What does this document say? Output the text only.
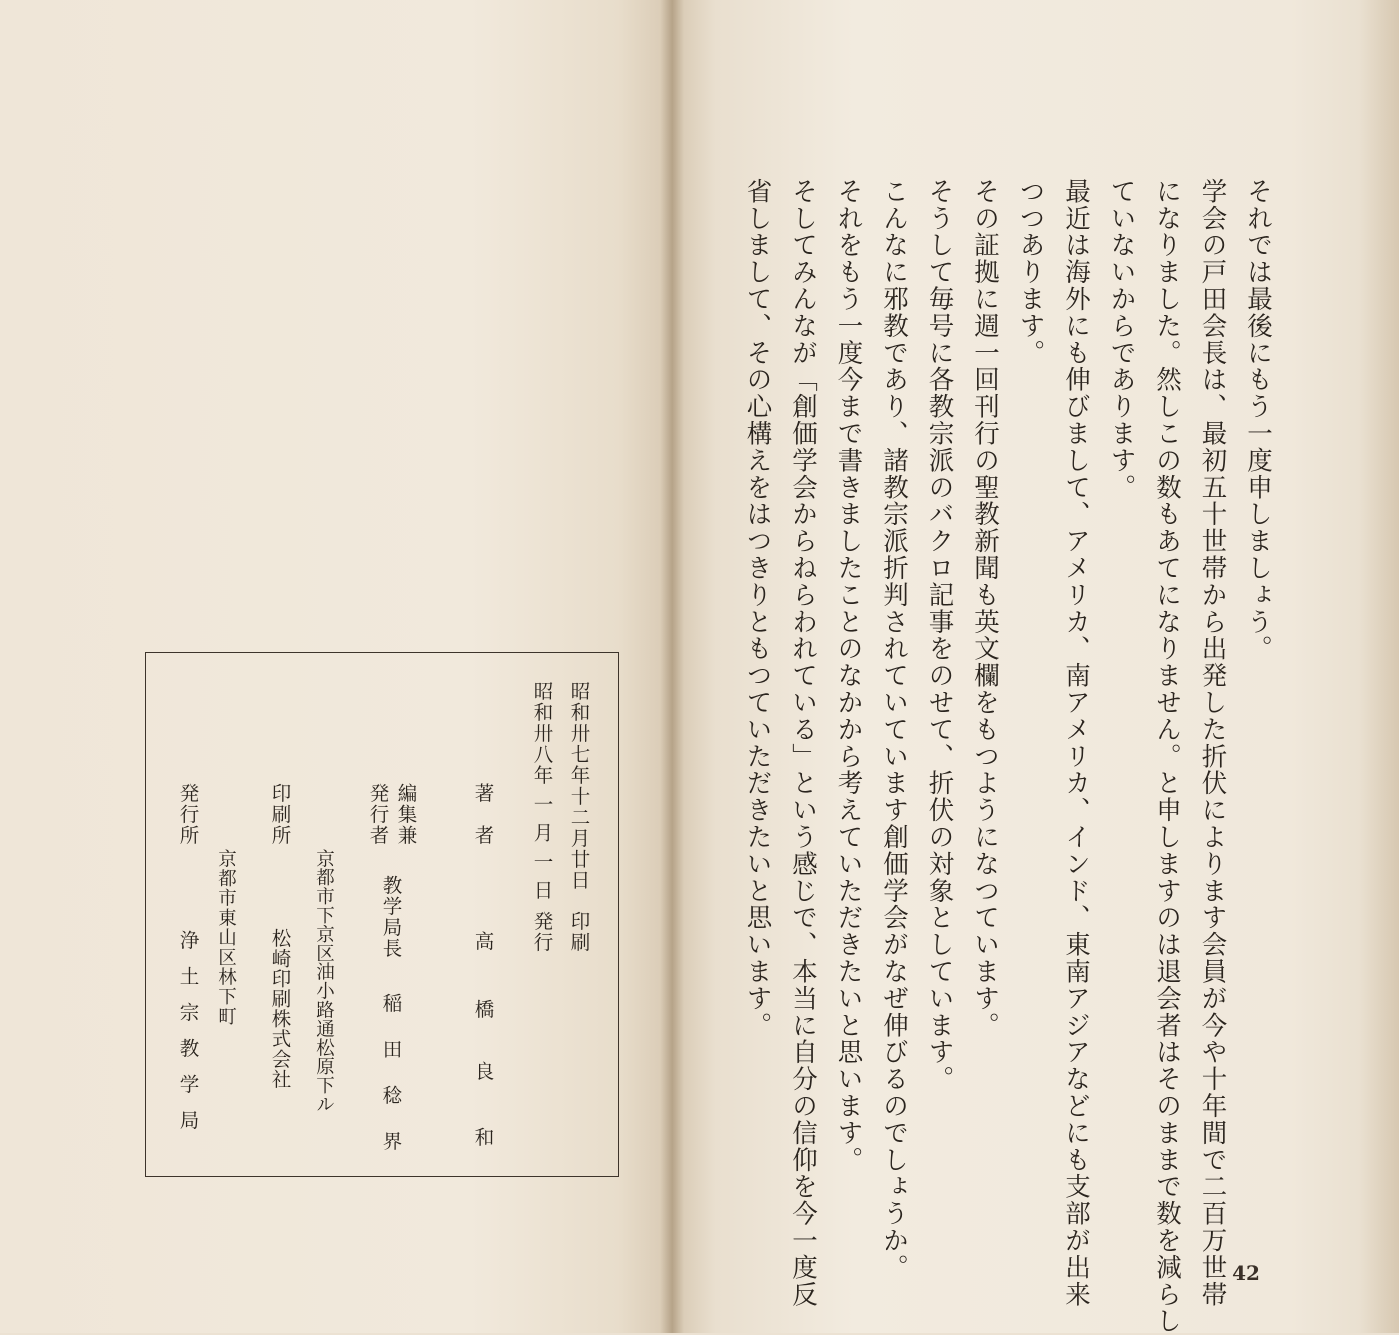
それでは最後にもう一度申しましょう。
学会の戸田会長は、最初五十世帯から出発した折伏によります会員が今や十年間で二百万世帯
になりました。然しこの数もあてになりません。と申しますのは退会者はそのままで数を減らし
ていないからであります。
最近は海外にも伸びまして、アメリカ、南アメリカ、インド、東南アジアなどにも支部が出来
つつあります。
その証拠に週一回刊行の聖教新聞も英文欄をもつようになつています。
そうして毎号に各教宗派のバクロ記事をのせて、折伏の対象としています。
こんなに邪教であり、諸教宗派折判されていています創価学会がなぜ伸びるのでしょうか。
それをもう一度今まで書きましたことのなかから考えていただきたいと思います。
そしてみんなが「創価学会からねらわれている」という感じで、本当に自分の信仰を今一度反
省しまして、その心構えをはつきりともつていただきたいと思います。
42
昭和卅七年十二月廿日
印刷
昭和卅八年 一 月 一 日
発行
著　者
高
橋
良
和
編集兼
発行者
教学局長
稲
田
稔
界
京都市下京区油小路通松原下ル
印刷所
松崎印刷株式会社
京都市東山区林下町
発行所
浄
土
宗
教
学
局
